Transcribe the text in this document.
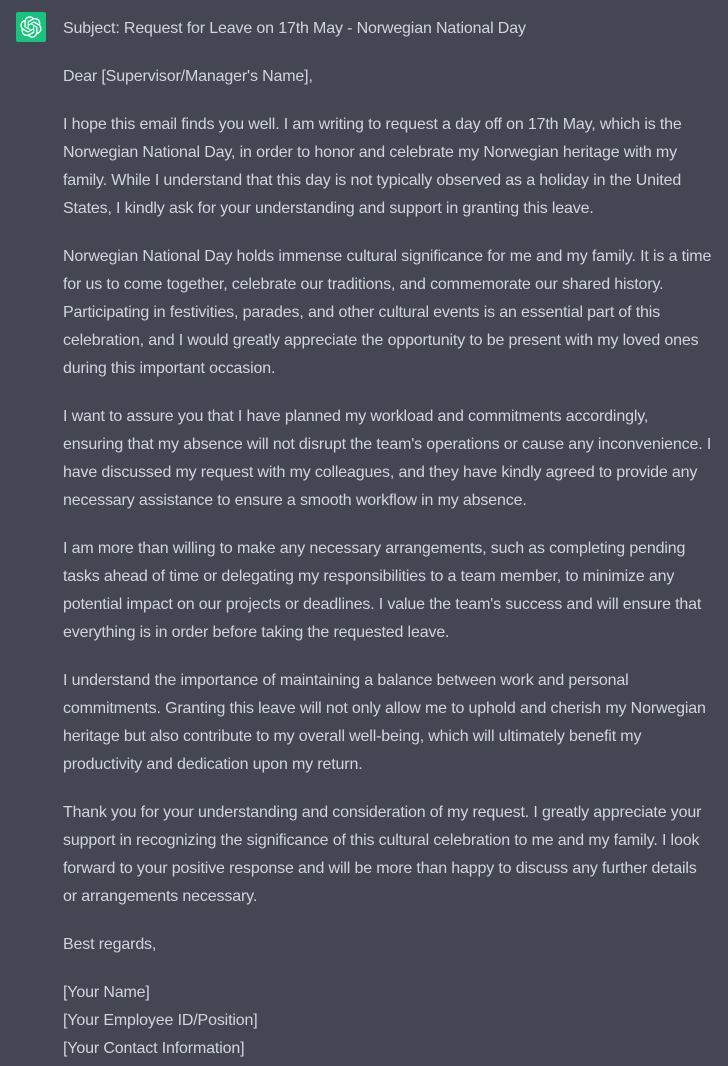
Subject: Request for Leave on 17th May - Norwegian National Day

Dear [Supervisor/Manager's Name],

I hope this email finds you well. I am writing to request a day off on 17th May, which is the Norwegian National Day, in order to honor and celebrate my Norwegian heritage with my family. While I understand that this day is not typically observed as a holiday in the United States, I kindly ask for your understanding and support in granting this leave.

Norwegian National Day holds immense cultural significance for me and my family. It is a time for us to come together, celebrate our traditions, and commemorate our shared history. Participating in festivities, parades, and other cultural events is an essential part of this celebration, and I would greatly appreciate the opportunity to be present with my loved ones during this important occasion.

I want to assure you that I have planned my workload and commitments accordingly, ensuring that my absence will not disrupt the team's operations or cause any inconvenience. I have discussed my request with my colleagues, and they have kindly agreed to provide any necessary assistance to ensure a smooth workflow in my absence.

I am more than willing to make any necessary arrangements, such as completing pending tasks ahead of time or delegating my responsibilities to a team member, to minimize any potential impact on our projects or deadlines. I value the team's success and will ensure that everything is in order before taking the requested leave.

I understand the importance of maintaining a balance between work and personal commitments. Granting this leave will not only allow me to uphold and cherish my Norwegian heritage but also contribute to my overall well-being, which will ultimately benefit my productivity and dedication upon my return.

Thank you for your understanding and consideration of my request. I greatly appreciate your support in recognizing the significance of this cultural celebration to me and my family. I look forward to your positive response and will be more than happy to discuss any further details or arrangements necessary.

Best regards,

[Your Name]
[Your Employee ID/Position]
[Your Contact Information]
